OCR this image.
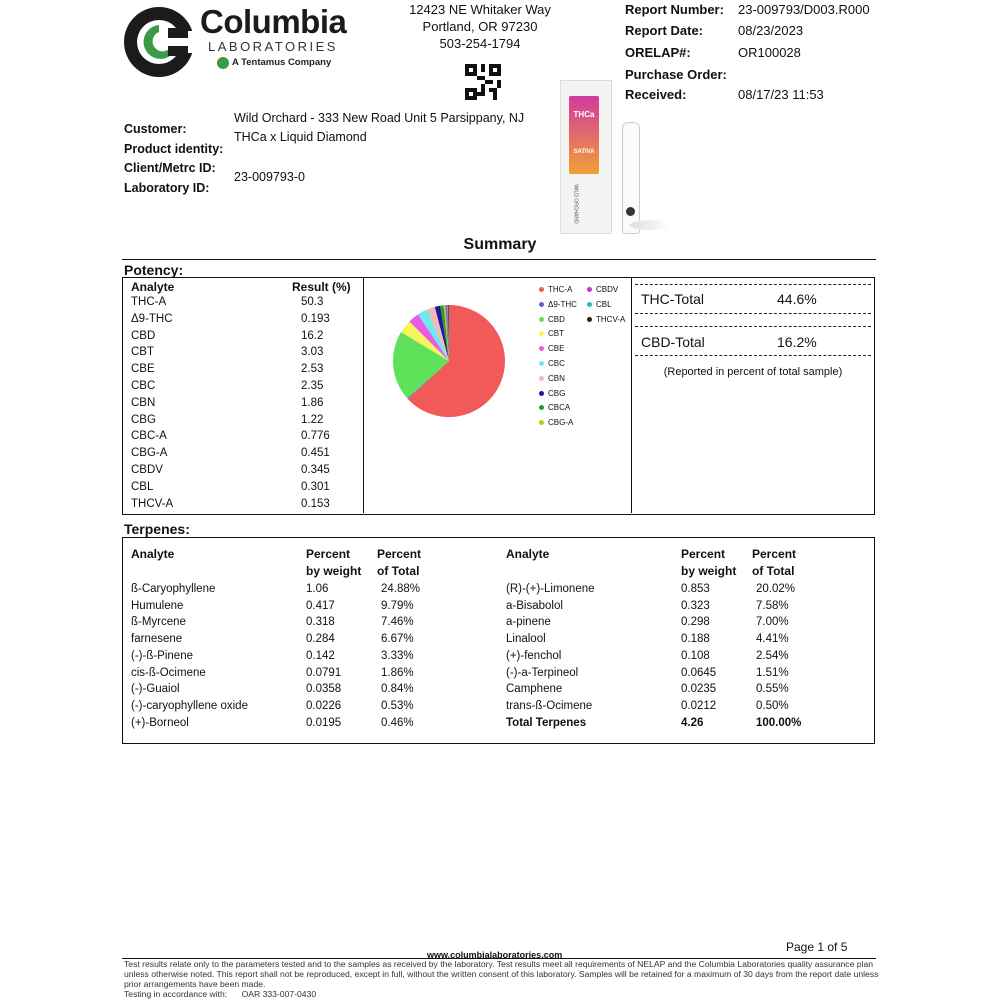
Columbia
LABORATORIES
A Tentamus Company
12423 NE Whitaker Way
Portland, OR 97230
503-254-1794
Report Number: 23-009793/D003.R000
Report Date:	08/23/2023
ORELAP#:	OR100028
Purchase Order:
Received:	08/17/23 11:53
Customer:
Product identity:
Client/Metrc ID:
Laboratory ID:
Wild Orchard - 333 New Road Unit 5 Parsippany, NJ
THCa x Liquid Diamond
23-009793-0
THCa
SATIVA
WILD ORCHARD
Summary
Potency:
Analyte	Result (%)
THC-A	50.3
Δ9-THC	0.193
CBD	16.2
CBT	3.03
CBE	2.53
CBC	2.35
CBN	1.86
CBG	1.22
CBC-A	0.776
CBG-A	0.451
CBDV	0.345
CBL	0.301
THCV-A	0.153
THC-A	CBDV
Δ9-THC	CBL
CBD	THCV-A
CBT
CBE
CBC
CBN
CBG
CBCA
CBG-A
THC-Total	44.6%
CBD-Total	16.2%
(Reported in percent of total sample)
Terpenes:
Analyte	Percent
by weight
Percent
of Total
Analyte	Percent
by weight
Percent
of Total
ß-Caryophyllene	1.06	24.88%
Humulene	0.417	9.79%
ß-Myrcene	0.318	7.46%
farnesene	0.284	6.67%
(-)-ß-Pinene	0.142	3.33%
cis-ß-Ocimene	0.0791	1.86%
(-)-Guaiol	0.0358	0.84%
(-)-caryophyllene oxide	0.0226	0.53%
(+)-Borneol	0.0195	0.46%
(R)-(+)-Limonene	0.853	20.02%
a-Bisabolol	0.323	7.58%
a-pinene	0.298	7.00%
Linalool	0.188	4.41%
(+)-fenchol	0.108	2.54%
(-)-a-Terpineol	0.0645	1.51%
Camphene	0.0235	0.55%
trans-ß-Ocimene	0.0212	0.50%
Total Terpenes	4.26	100.00%
Page 1 of 5
www.columbialaboratories.com
Test results relate only to the parameters tested and to the samples as received by the laboratory. Test results meet all requirements of NELAP and the Columbia Laboratories quality assurance plan
unless otherwise noted. This report shall not be reproduced, except in full, without the written consent of this laboratory. Samples will be retained for a maximum of 30 days from the report date unless
prior arrangements have been made.
Testing in accordance with: OAR 333-007-0430
